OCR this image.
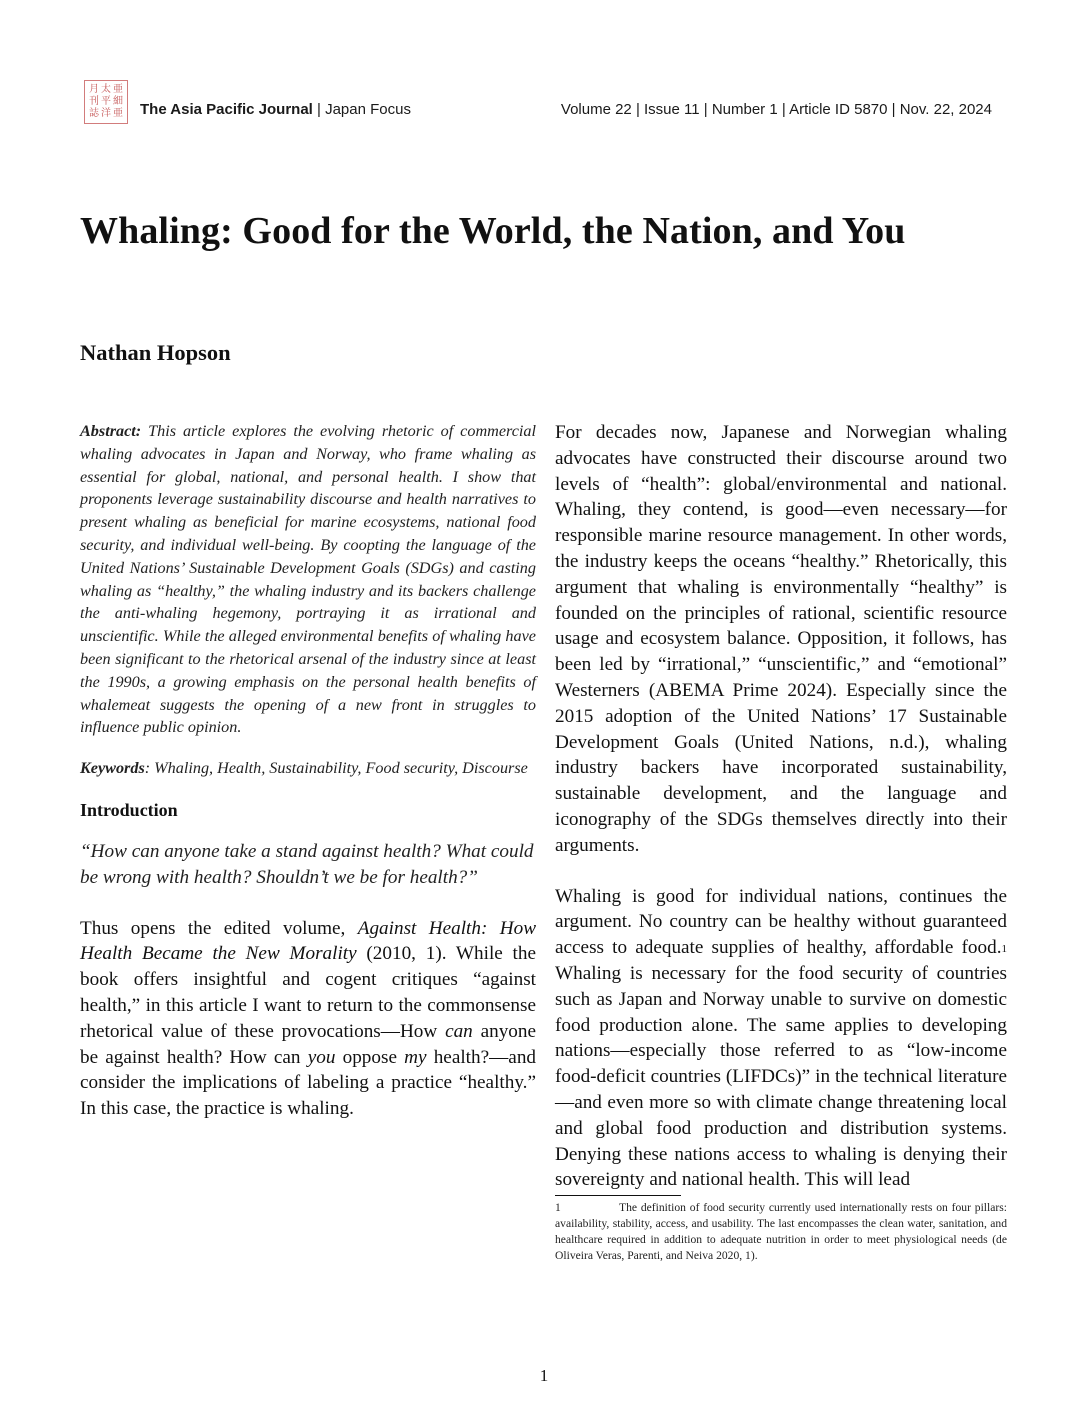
月 太 亜
刊 平 細
誌 洋 亜 The Asia Pacific Journal | Japan Focus	Volume 22 | Issue 11 | Number 1 | Article ID 5870 | Nov. 22, 2024
Whaling: Good for the World, the Nation, and You
Nathan Hopson

Abstract: This article explores the evolving rhetoric of commercial whaling advocates in Japan and Norway, who frame whaling as essential for global, national, and personal health. I show that proponents leverage sustainability discourse and health narratives to present whaling as beneficial for marine ecosystems, national food security, and individual well-being. By coopting the language of the United Nations’ Sustainable Development Goals (SDGs) and casting whaling as “healthy,” the whaling industry and its backers challenge the anti-whaling hegemony, portraying it as irrational and unscientific. While the alleged environmental benefits of whaling have been significant to the rhetorical arsenal of the industry since at least the 1990s, a growing emphasis on the personal health benefits of whalemeat suggests the opening of a new front in struggles to influence public opinion.

Keywords: Whaling, Health, Sustainability, Food security, Discourse

Introduction

“How can anyone take a stand against health? What could be wrong with health? Shouldn’t we be for health?”

Thus opens the edited volume, Against Health: How Health Became the New Morality (2010, 1). While the book offers insightful and cogent critiques “against health,” in this article I want to return to the commonsense rhetorical value of these provocations—How can anyone be against health? How can you oppose my health?—and consider the implications of labeling a practice “healthy.” In this case, the practice is whaling.

For decades now, Japanese and Norwegian whaling advocates have constructed their discourse around two levels of “health”: global/environmental and national. Whaling, they contend, is good—even necessary—for responsible marine resource management. In other words, the industry keeps the oceans “healthy.” Rhetorically, this argument that whaling is environmentally “healthy” is founded on the principles of rational, scientific resource usage and ecosystem balance. Opposition, it follows, has been led by “irrational,” “unscientific,” and “emotional” Westerners (ABEMA Prime 2024). Especially since the 2015 adoption of the United Nations’ 17 Sustainable Development Goals (United Nations, n.d.), whaling industry backers have incorporated sustainability, sustainable development, and the language and iconography of the SDGs themselves directly into their arguments.

Whaling is good for individual nations, continues the argument. No country can be healthy without guaranteed access to adequate supplies of healthy, affordable food.$^1$ Whaling is necessary for the food security of countries such as Japan and Norway unable to survive on domestic food production alone. The same applies to developing nations—especially those referred to as “low-income food-deficit countries (LIFDCs)” in the technical literature—and even more so with climate change threatening local and global food production and distribution systems. Denying these nations access to whaling is denying their sovereignty and national health. This will lead

1	The definition of food security currently used internationally rests on four pillars: availability, stability, access, and usability. The last encompasses the clean water, sanitation, and healthcare required in addition to adequate nutrition in order to meet physiological needs (de Oliveira Veras, Parenti, and Neiva 2020, 1).

1
